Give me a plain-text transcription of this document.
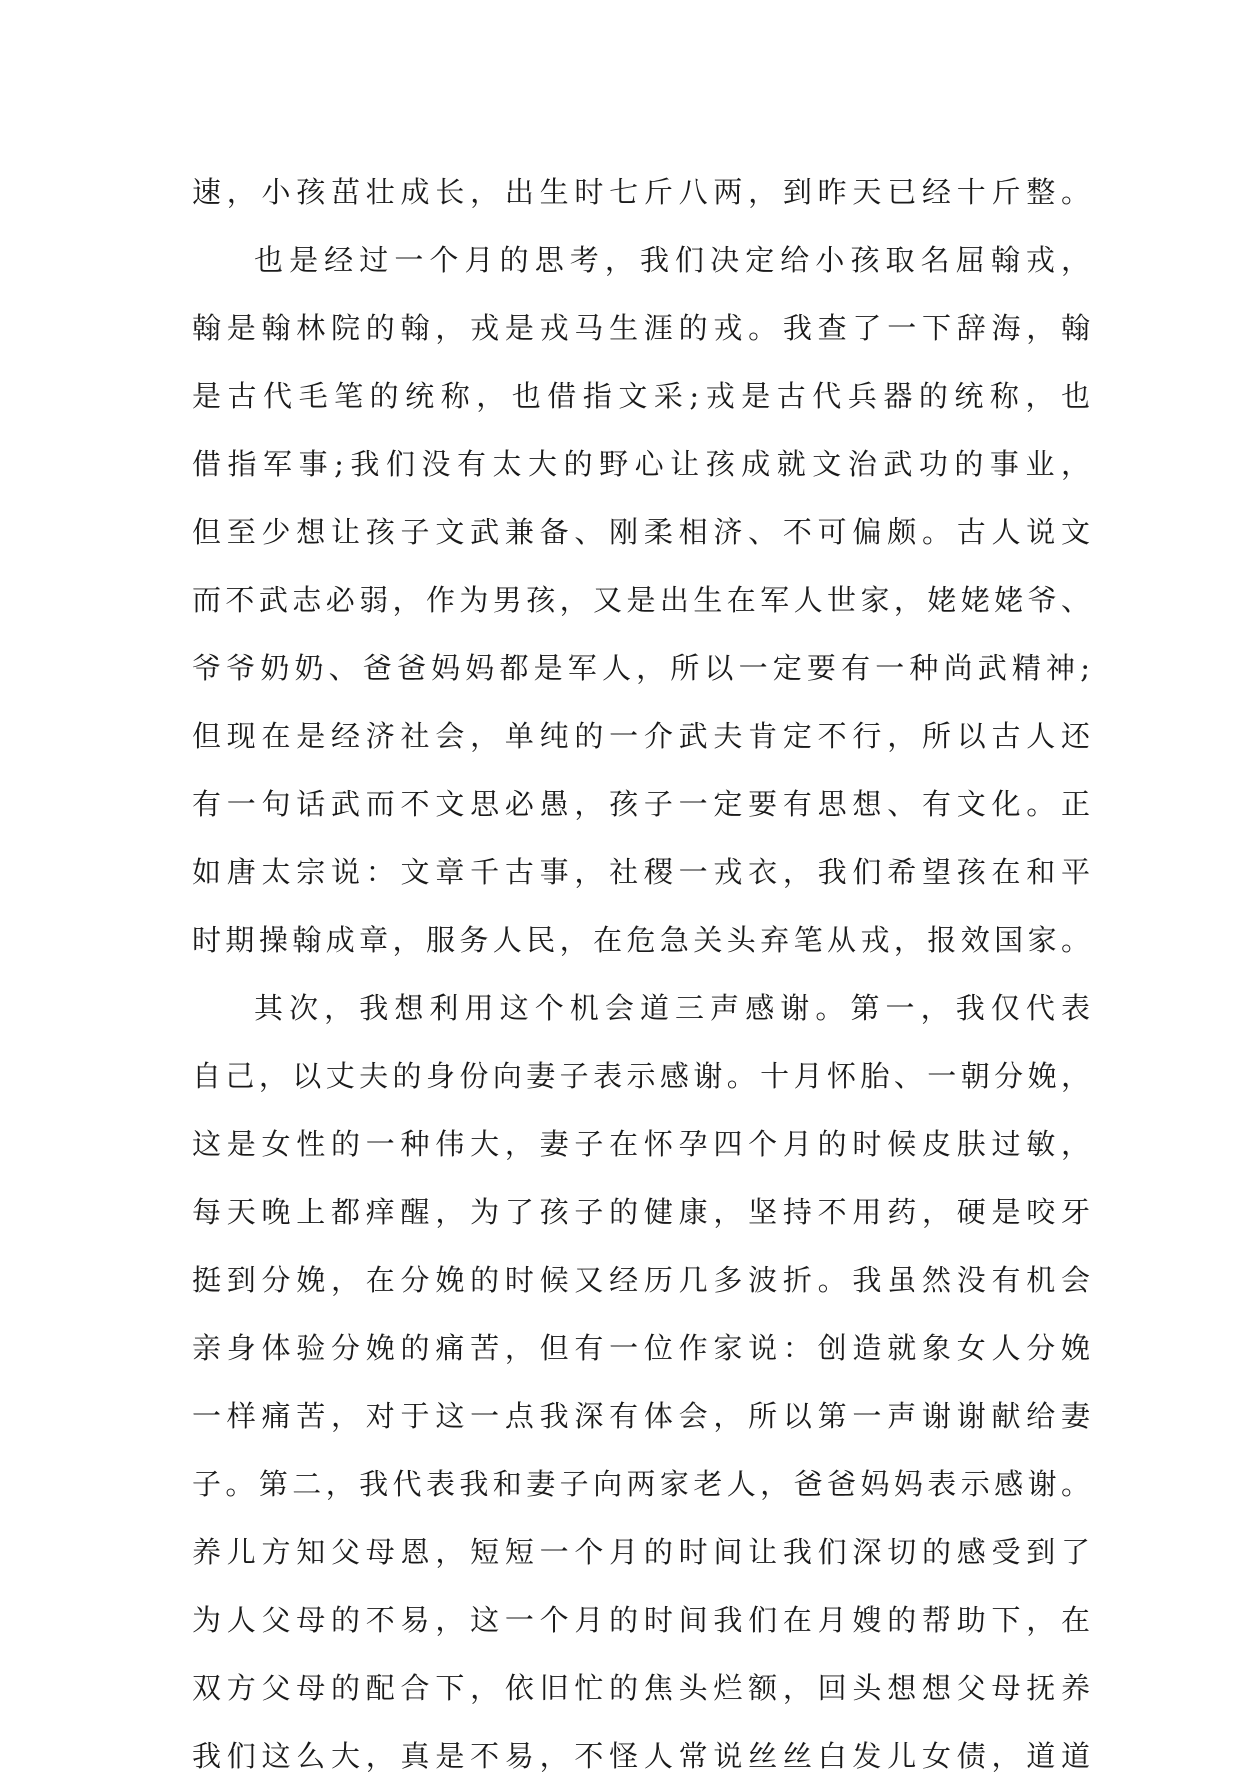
速，小孩茁壮成长，出生时七斤八两，到昨天已经十斤整。
也是经过一个月的思考，我们决定给小孩取名屈翰戎，
翰是翰林院的翰，戎是戎马生涯的戎。我查了一下辞海，翰
是古代毛笔的统称，也借指文采;戎是古代兵器的统称，也
借指军事;我们没有太大的野心让孩成就文治武功的事业，
但至少想让孩子文武兼备、刚柔相济、不可偏颇。古人说文
而不武志必弱，作为男孩，又是出生在军人世家，姥姥姥爷、
爷爷奶奶、爸爸妈妈都是军人，所以一定要有一种尚武精神;
但现在是经济社会，单纯的一介武夫肯定不行，所以古人还
有一句话武而不文思必愚，孩子一定要有思想、有文化。正
如唐太宗说：文章千古事，社稷一戎衣，我们希望孩在和平
时期操翰成章，服务人民，在危急关头弃笔从戎，报效国家。
其次，我想利用这个机会道三声感谢。第一，我仅代表
自己，以丈夫的身份向妻子表示感谢。十月怀胎、一朝分娩，
这是女性的一种伟大，妻子在怀孕四个月的时候皮肤过敏，
每天晚上都痒醒，为了孩子的健康，坚持不用药，硬是咬牙
挺到分娩，在分娩的时候又经历几多波折。我虽然没有机会
亲身体验分娩的痛苦，但有一位作家说：创造就象女人分娩
一样痛苦，对于这一点我深有体会，所以第一声谢谢献给妻
子。第二，我代表我和妻子向两家老人，爸爸妈妈表示感谢。
养儿方知父母恩，短短一个月的时间让我们深切的感受到了
为人父母的不易，这一个月的时间我们在月嫂的帮助下，在
双方父母的配合下，依旧忙的焦头烂额，回头想想父母抚养
我们这么大，真是不易，不怪人常说丝丝白发儿女债，道道
